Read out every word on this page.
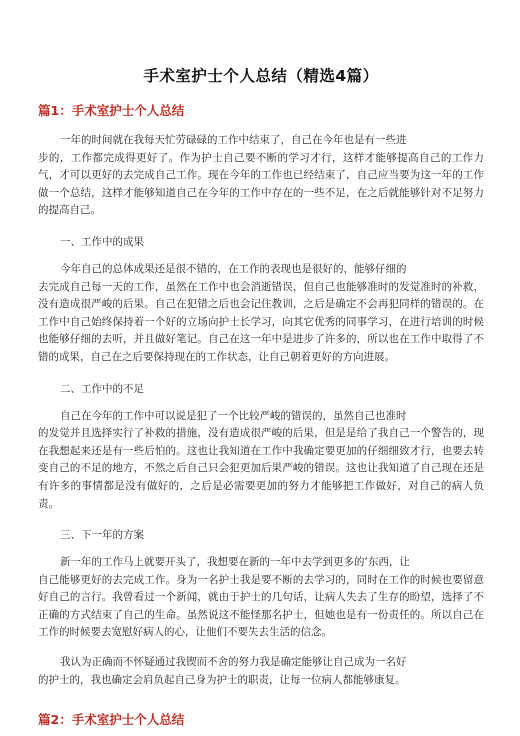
手术室护士个人总结（精选4篇）
篇1：手术室护士个人总结

一年的时间就在我每天忙劳碌碌的工作中结束了，自己在今年也是有一些进
步的，工作都完成得更好了。作为护士自己要不断的学习才行，这样才能够提高自己的工作力气，才可以更好的去完成自己工作。现在今年的工作也已经结束了，自己应当要为这一年的工作做一个总结，这样才能够知道自己在今年的工作中存在的一些不足，在之后就能够针对不足努力的提高自己。

一、工作中的成果

今年自己的总体成果还是很不错的，在工作的表现也是很好的，能够仔细的
去完成自己每一天的工作，虽然在工作中也会消逝错误，但自己也能够准时的发觉准时的补救，没有造成很严峻的后果。自己在犯错之后也会记住教训，之后是确定不会再犯同样的错误的。在工作中自己始终保持着一个好的立场向护士长学习，向其它优秀的同事学习，在进行培训的时候也能够仔细的去听，并且做好笔记。自己在这一年中是进步了许多的，所以也在工作中取得了不错的成果，自己在之后要保持现在的工作状态，让自己朝着更好的方向进展。

二、工作中的不足

自己在今年的工作中可以说是犯了一个比较严峻的错误的，虽然自己也准时
的发觉并且选择实行了补救的措施，没有造成很严峻的后果，但是是给了我自己一个警告的，现在我想起来还是有一些后怕的。这也让我知道在工作中我确定要更加的仔细细致才行，也要去转变自己的不足的地方，不然之后自己只会犯更加后果严峻的错误。这也让我知道了自己现在还是有许多的事情都是没有做好的，之后是必需要更加的努力才能够把工作做好，对自己的病人负责。

三、下一年的方案

新一年的工作马上就要开头了，我想要在新的一年中去学到更多的‘东西，让
自己能够更好的去完成工作。身为一名护士我是要不断的去学习的，同时在工作的时候也要留意好自己的言行。我曾看过一个新闻，就由于护士的几句话，让病人失去了生存的盼望，选择了不正确的方式结束了自己的生命。虽然说这不能怪那名护士，但她也是有一份责任的。所以自己在工作的时候要去宽慰好病人的心，让他们不要失去生活的信念。

我认为正确而不怀疑通过我锲而不舍的努力我是确定能够让自己成为一名好
的护士的，我也确定会肩负起自己身为护士的职责，让每一位病人都能够康复。

篇2：手术室护士个人总结
